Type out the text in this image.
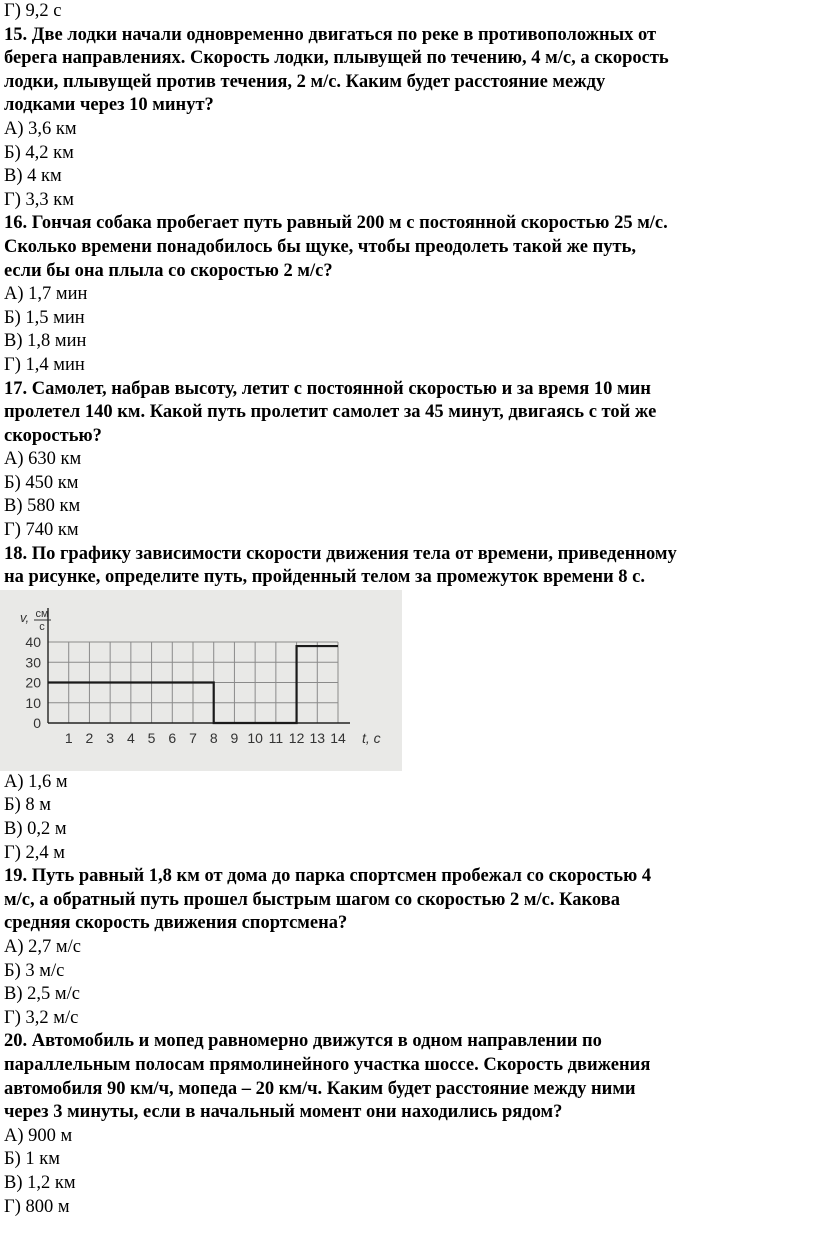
Г) 9,2 с
15. Две лодки начали одновременно двигаться по реке в противоположных от
берега направлениях. Скорость лодки, плывущей по течению, 4 м/с, а скорость
лодки, плывущей против течения, 2 м/с. Каким будет расстояние между
лодками через 10 минут?
А) 3,6 км
Б) 4,2 км
В) 4 км
Г) 3,3 км
16. Гончая собака пробегает путь равный 200 м с постоянной скоростью 25 м/с.
Сколько времени понадобилось бы щуке, чтобы преодолеть такой же путь,
если бы она плыла со скоростью 2 м/с?
А) 1,7 мин
Б) 1,5 мин
В) 1,8 мин
Г) 1,4 мин
17. Самолет, набрав высоту, летит с постоянной скоростью и за время 10 мин
пролетел 140 км. Какой путь пролетит самолет за 45 минут, двигаясь с той же
скоростью?
А) 630 км
Б) 450 км
В) 580 км
Г) 740 км
18. По графику зависимости скорости движения тела от времени, приведенному
на рисунке, определите путь, пройденный телом за промежуток времени 8 с.
0
10
20
30
40
1 2 3 4 5 6 7 8 9 10 11 12 13 14
v, см
с
t, с
А) 1,6 м
Б) 8 м
В) 0,2 м
Г) 2,4 м
19. Путь равный 1,8 км от дома до парка спортсмен пробежал со скоростью 4
м/с, а обратный путь прошел быстрым шагом со скоростью 2 м/с. Какова
средняя скорость движения спортсмена?
А) 2,7 м/с
Б) 3 м/с
В) 2,5 м/с
Г) 3,2 м/с
20. Автомобиль и мопед равномерно движутся в одном направлении по
параллельным полосам прямолинейного участка шоссе. Скорость движения
автомобиля 90 км/ч, мопеда – 20 км/ч. Каким будет расстояние между ними
через 3 минуты, если в начальный момент они находились рядом?
А) 900 м
Б) 1 км
В) 1,2 км
Г) 800 м
